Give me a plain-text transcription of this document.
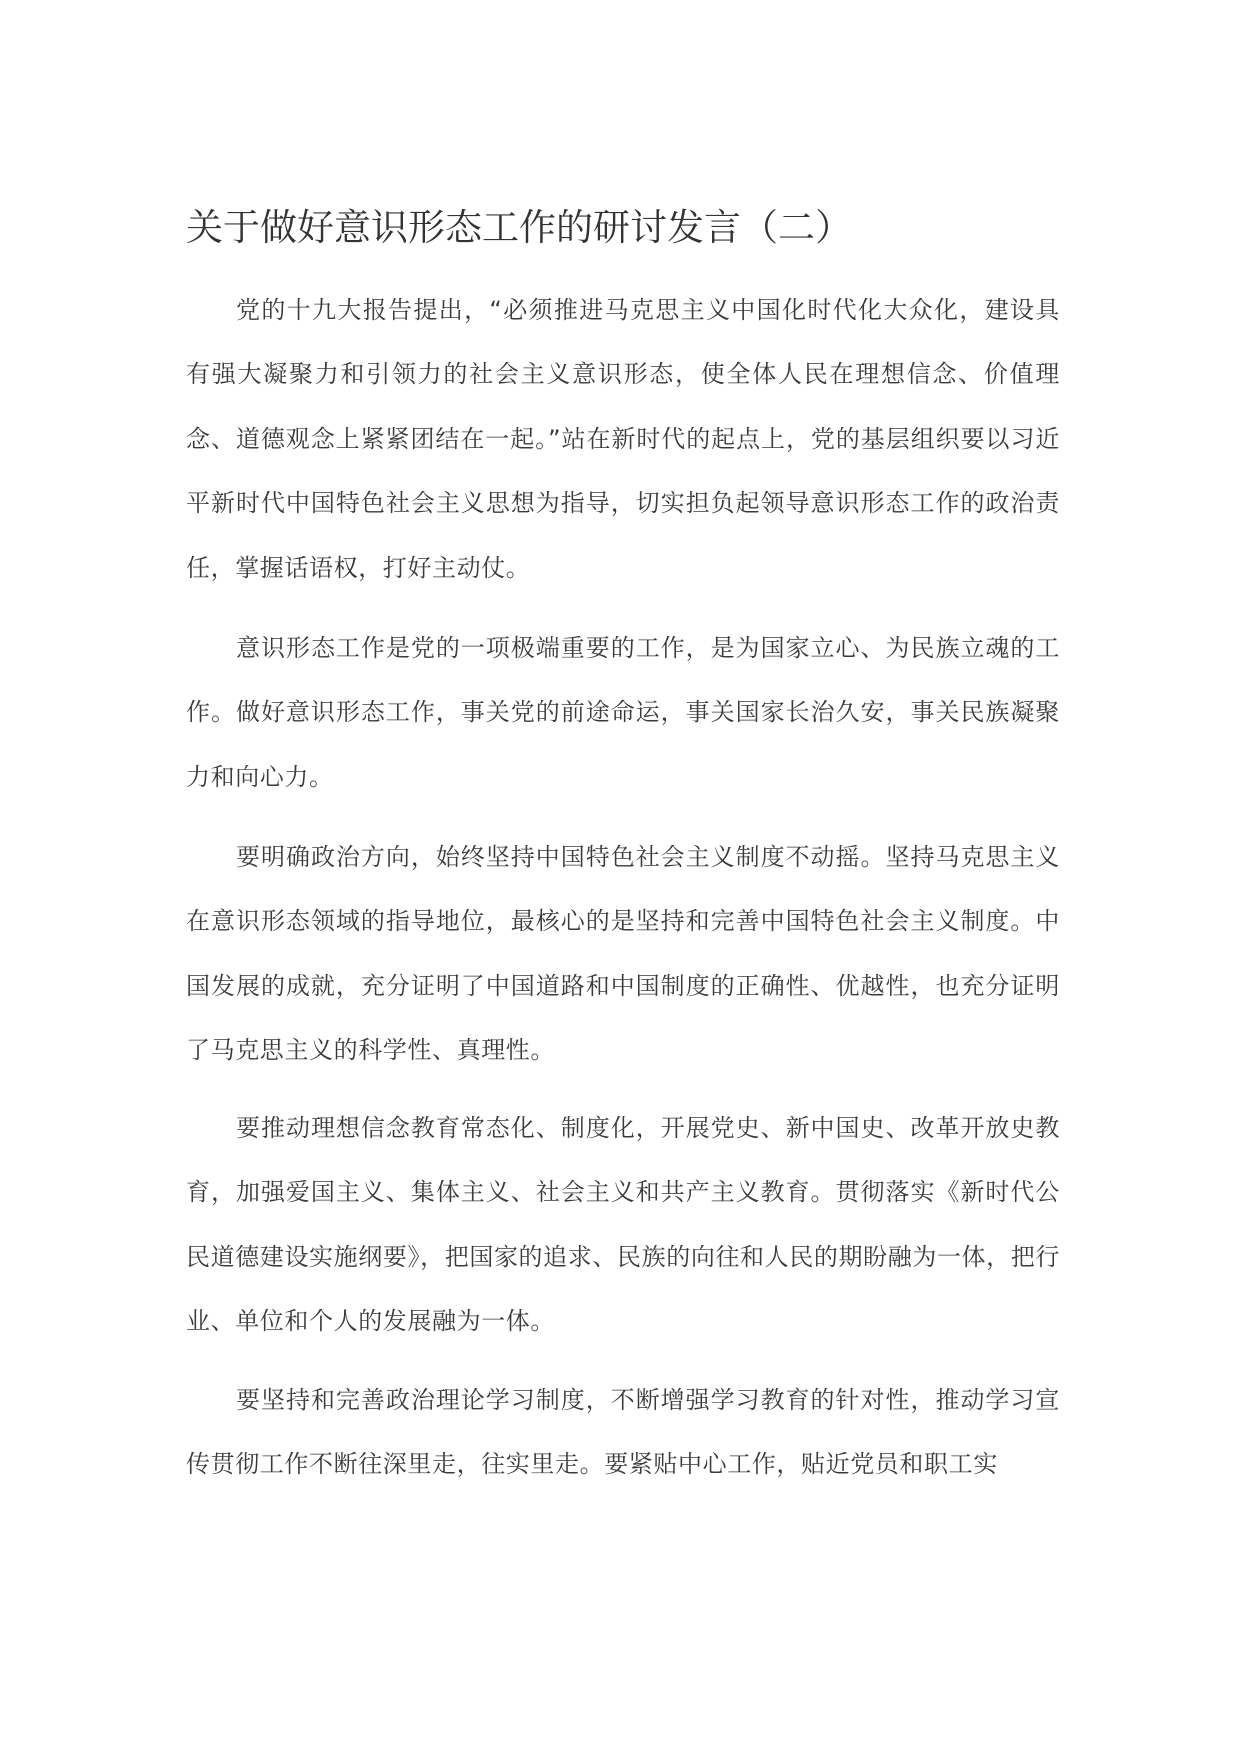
关于做好意识形态工作的研讨发言（二）

党的十九大报告提出，“必须推进马克思主义中国化时代化大众化，建设具有强大凝聚力和引领力的社会主义意识形态，使全体人民在理想信念、价值理念、道德观念上紧紧团结在一起。”站在新时代的起点上，党的基层组织要以习近平新时代中国特色社会主义思想为指导，切实担负起领导意识形态工作的政治责任，掌握话语权，打好主动仗。

意识形态工作是党的一项极端重要的工作，是为国家立心、为民族立魂的工作。做好意识形态工作，事关党的前途命运，事关国家长治久安，事关民族凝聚力和向心力。

要明确政治方向，始终坚持中国特色社会主义制度不动摇。坚持马克思主义在意识形态领域的指导地位，最核心的是坚持和完善中国特色社会主义制度。中国发展的成就，充分证明了中国道路和中国制度的正确性、优越性，也充分证明了马克思主义的科学性、真理性。

要推动理想信念教育常态化、制度化，开展党史、新中国史、改革开放史教育，加强爱国主义、集体主义、社会主义和共产主义教育。贯彻落实《新时代公民道德建设实施纲要》，把国家的追求、民族的向往和人民的期盼融为一体，把行业、单位和个人的发展融为一体。

要坚持和完善政治理论学习制度，不断增强学习教育的针对性，推动学习宣传贯彻工作不断往深里走，往实里走。要紧贴中心工作，贴近党员和职工实
